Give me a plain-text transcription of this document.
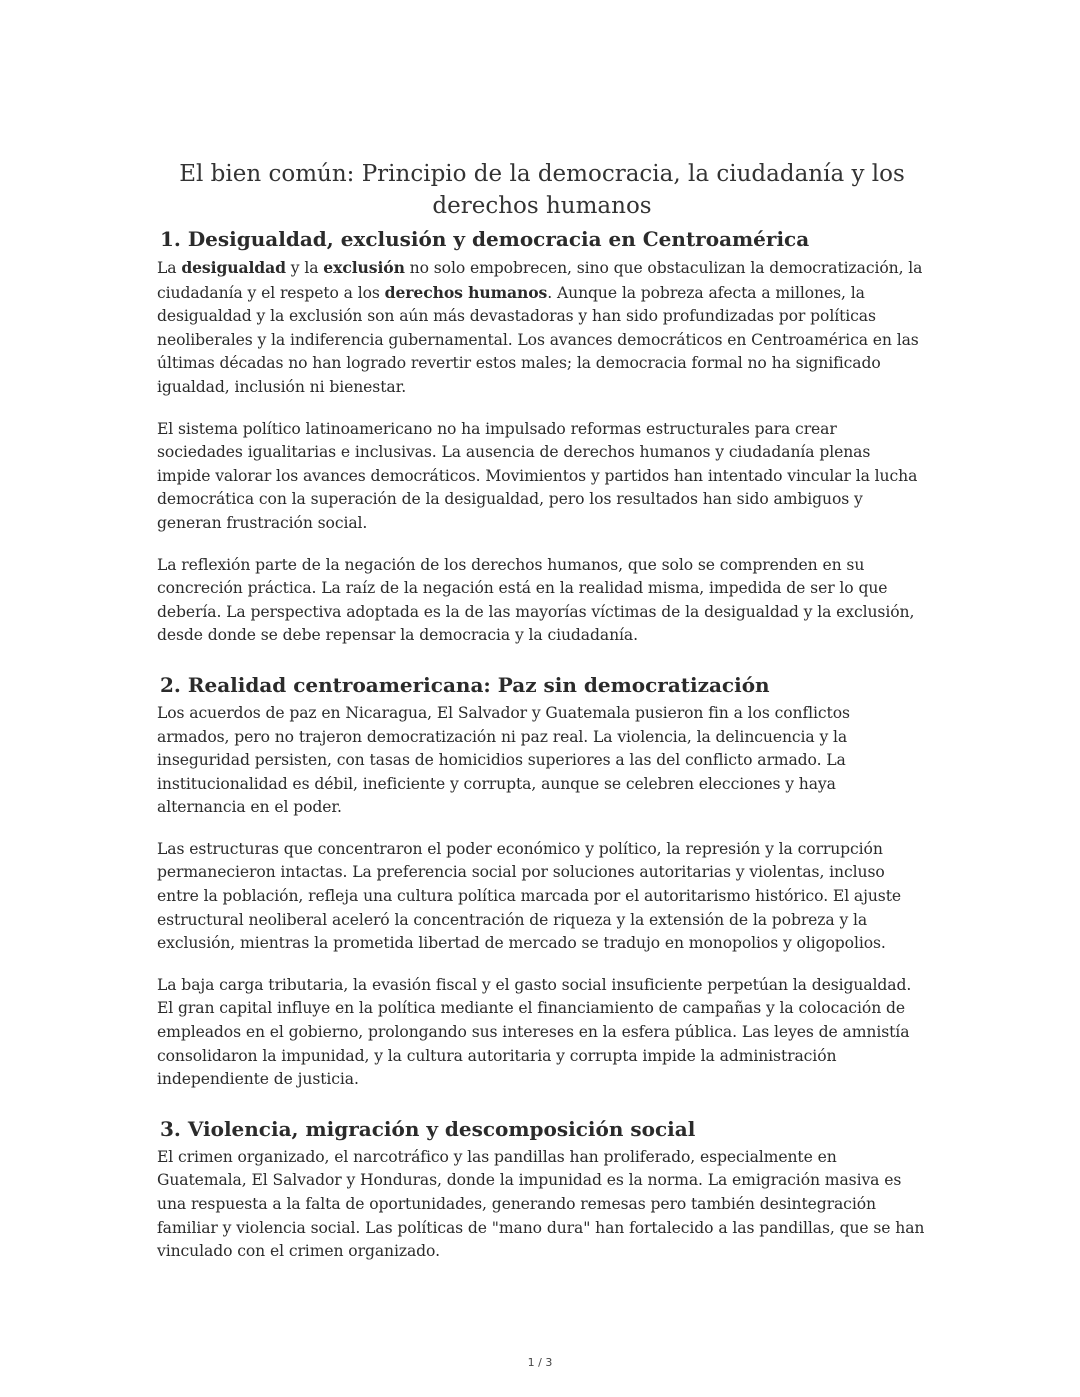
El bien común: Principio de la democracia, la ciudadanía y los derechos humanos
1. Desigualdad, exclusión y democracia en Centroamérica

La desigualdad y la exclusión no solo empobrecen, sino que obstaculizan la democratización, la ciudadanía y el respeto a los derechos humanos. Aunque la pobreza afecta a millones, la desigualdad y la exclusión son aún más devastadoras y han sido profundizadas por políticas neoliberales y la indiferencia gubernamental. Los avances democráticos en Centroamérica en las últimas décadas no han logrado revertir estos males; la democracia formal no ha significado igualdad, inclusión ni bienestar.

El sistema político latinoamericano no ha impulsado reformas estructurales para crear sociedades igualitarias e inclusivas. La ausencia de derechos humanos y ciudadanía plenas impide valorar los avances democráticos. Movimientos y partidos han intentado vincular la lucha democrática con la superación de la desigualdad, pero los resultados han sido ambiguos y generan frustración social.

La reflexión parte de la negación de los derechos humanos, que solo se comprenden en su concreción práctica. La raíz de la negación está en la realidad misma, impedida de ser lo que debería. La perspectiva adoptada es la de las mayorías víctimas de la desigualdad y la exclusión, desde donde se debe repensar la democracia y la ciudadanía.

2. Realidad centroamericana: Paz sin democratización

Los acuerdos de paz en Nicaragua, El Salvador y Guatemala pusieron fin a los conflictos armados, pero no trajeron democratización ni paz real. La violencia, la delincuencia y la inseguridad persisten, con tasas de homicidios superiores a las del conflicto armado. La institucionalidad es débil, ineficiente y corrupta, aunque se celebren elecciones y haya alternancia en el poder.

Las estructuras que concentraron el poder económico y político, la represión y la corrupción permanecieron intactas. La preferencia social por soluciones autoritarias y violentas, incluso entre la población, refleja una cultura política marcada por el autoritarismo histórico. El ajuste estructural neoliberal aceleró la concentración de riqueza y la extensión de la pobreza y la exclusión, mientras la prometida libertad de mercado se tradujo en monopolios y oligopolios.

La baja carga tributaria, la evasión fiscal y el gasto social insuficiente perpetúan la desigualdad. El gran capital influye en la política mediante el financiamiento de campañas y la colocación de empleados en el gobierno, prolongando sus intereses en la esfera pública. Las leyes de amnistía consolidaron la impunidad, y la cultura autoritaria y corrupta impide la administración independiente de justicia.

3. Violencia, migración y descomposición social

El crimen organizado, el narcotráfico y las pandillas han proliferado, especialmente en Guatemala, El Salvador y Honduras, donde la impunidad es la norma. La emigración masiva es una respuesta a la falta de oportunidades, generando remesas pero también desintegración familiar y violencia social. Las políticas de "mano dura" han fortalecido a las pandillas, que se han vinculado con el crimen organizado.

1 / 3
